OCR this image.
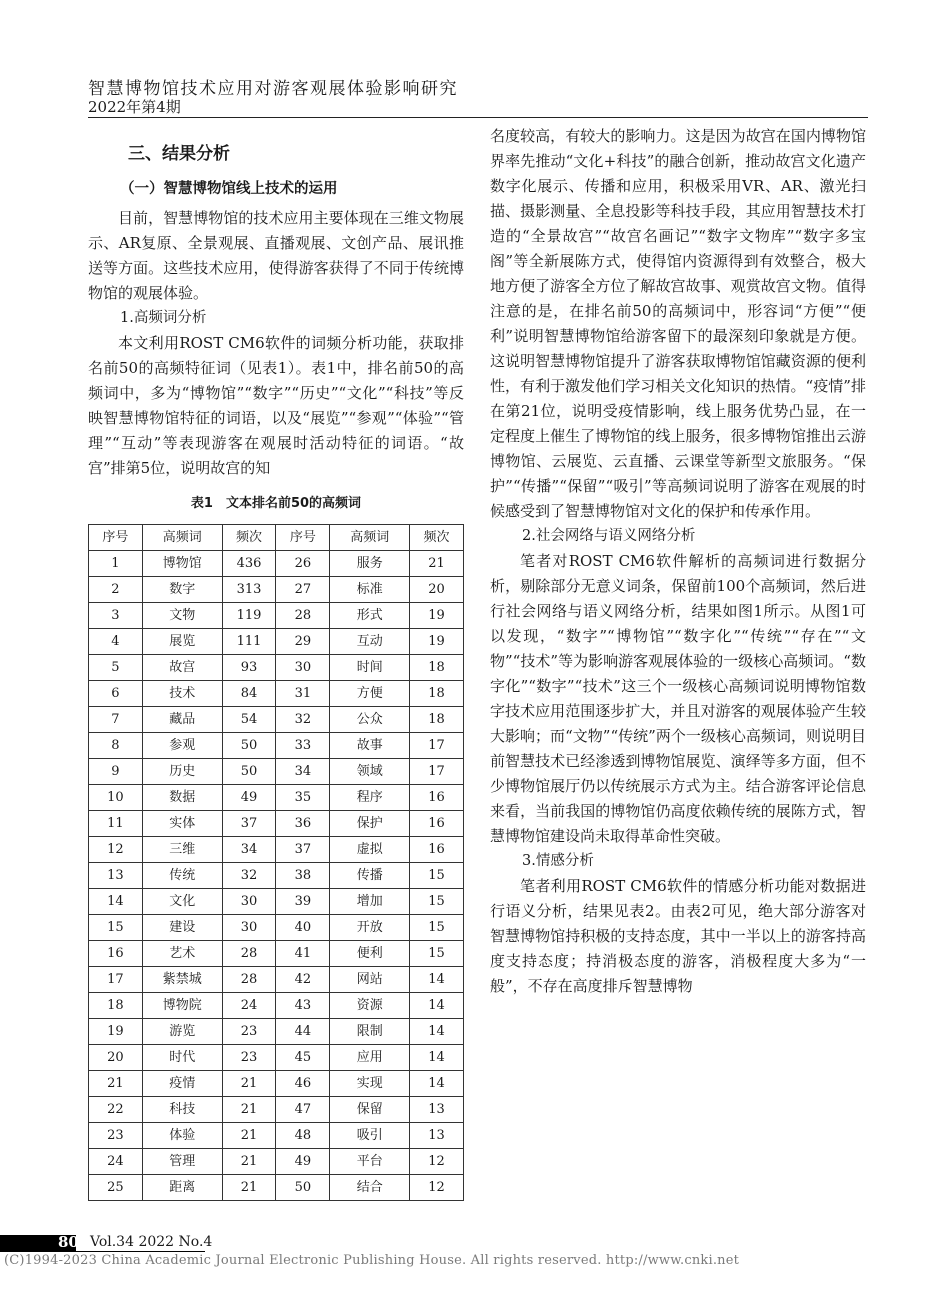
智慧博物馆技术应用对游客观展体验影响研究
2022年第4期

三、结果分析

（一）智慧博物馆线上技术的运用

目前，智慧博物馆的技术应用主要体现在三维文物展示、AR复原、全景观展、直播观展、文创产品、展讯推送等方面。这些技术应用，使得游客获得了不同于传统博物馆的观展体验。

1.高频词分析

本文利用ROST CM6软件的词频分析功能，获取排名前50的高频特征词（见表1）。表1中，排名前50的高频词中，多为“博物馆”“数字”“历史”“文化”“科技”等反映智慧博物馆特征的词语，以及“展览”“参观”“体验”“管理”“互动”等表现游客在观展时活动特征的词语。“故宫”排第5位，说明故宫的知

表1　文本排名前50的高频词

序号	高频词	频次	序号	高频词	频次
1	博物馆	436	26	服务	21
2	数字	313	27	标准	20
3	文物	119	28	形式	19
4	展览	111	29	互动	19
5	故宫	93	30	时间	18
6	技术	84	31	方便	18
7	藏品	54	32	公众	18
8	参观	50	33	故事	17
9	历史	50	34	领域	17
10	数据	49	35	程序	16
11	实体	37	36	保护	16
12	三维	34	37	虚拟	16
13	传统	32	38	传播	15
14	文化	30	39	增加	15
15	建设	30	40	开放	15
16	艺术	28	41	便利	15
17	紫禁城	28	42	网站	14
18	博物院	24	43	资源	14
19	游览	23	44	限制	14
20	时代	23	45	应用	14
21	疫情	21	46	实现	14
22	科技	21	47	保留	13
23	体验	21	48	吸引	13
24	管理	21	49	平台	12
25	距离	21	50	结合	12

名度较高，有较大的影响力。这是因为故宫在国内博物馆界率先推动“文化+科技”的融合创新，推动故宫文化遗产数字化展示、传播和应用，积极采用VR、AR、激光扫描、摄影测量、全息投影等科技手段，其应用智慧技术打造的“全景故宫”“故宫名画记”“数字文物库”“数字多宝阁”等全新展陈方式，使得馆内资源得到有效整合，极大地方便了游客全方位了解故宫故事、观赏故宫文物。值得注意的是，在排名前50的高频词中，形容词“方便”“便利”说明智慧博物馆给游客留下的最深刻印象就是方便。这说明智慧博物馆提升了游客获取博物馆馆藏资源的便利性，有利于激发他们学习相关文化知识的热情。“疫情”排在第21位，说明受疫情影响，线上服务优势凸显，在一定程度上催生了博物馆的线上服务，很多博物馆推出云游博物馆、云展览、云直播、云课堂等新型文旅服务。“保护”“传播”“保留”“吸引”等高频词说明了游客在观展的时候感受到了智慧博物馆对文化的保护和传承作用。

2.社会网络与语义网络分析

笔者对ROST CM6软件解析的高频词进行数据分析，剔除部分无意义词条，保留前100个高频词，然后进行社会网络与语义网络分析，结果如图1所示。从图1可以发现，“数字”“博物馆”“数字化”“传统”“存在”“文物”“技术”等为影响游客观展体验的一级核心高频词。“数字化”“数字”“技术”这三个一级核心高频词说明博物馆数字技术应用范围逐步扩大，并且对游客的观展体验产生较大影响；而“文物”“传统”两个一级核心高频词，则说明目前智慧技术已经渗透到博物馆展览、演绎等多方面，但不少博物馆展厅仍以传统展示方式为主。结合游客评论信息来看，当前我国的博物馆仍高度依赖传统的展陈方式，智慧博物馆建设尚未取得革命性突破。

3.情感分析

笔者利用ROST CM6软件的情感分析功能对数据进行语义分析，结果见表2。由表2可见，绝大部分游客对智慧博物馆持积极的支持态度，其中一半以上的游客持高度支持态度；持消极态度的游客，消极程度大多为“一般”，不存在高度排斥智慧博物

80 Vol.34 2022 No.4
(C)1994-2023 China Academic Journal Electronic Publishing House. All rights reserved. http://www.cnki.net
